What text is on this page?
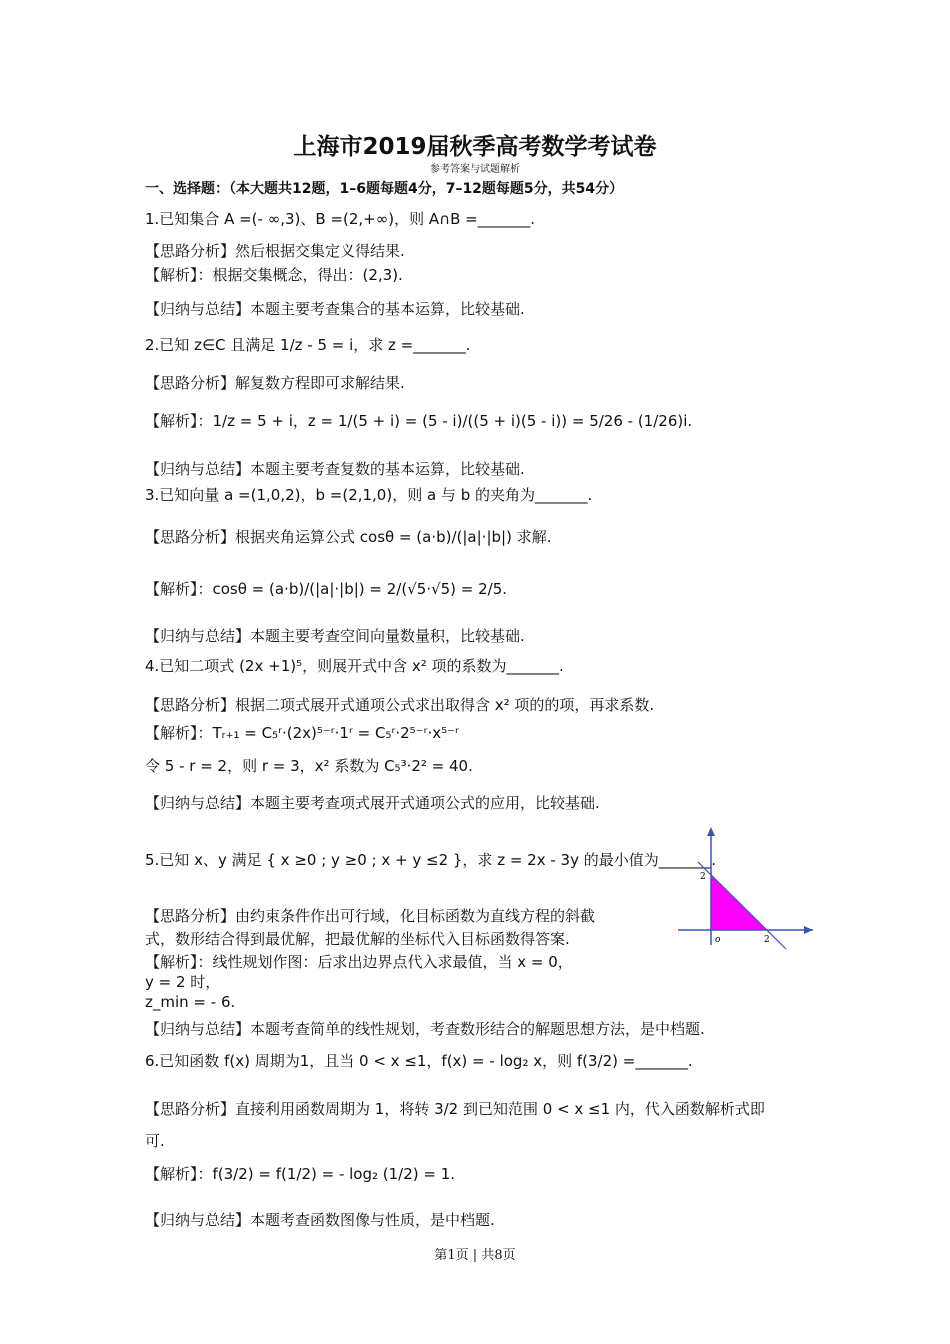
上海市2019届秋季高考数学考试卷
参考答案与试题解析
一、选择题：（本大题共12题，1–6题每题4分，7–12题每题5分，共54分）
1.已知集合 A =(- ∞,3)、B =(2,+∞)，则 A∩B =_______.
【思路分析】然后根据交集定义得结果.
【解析】：根据交集概念，得出：(2,3).
【归纳与总结】本题主要考查集合的基本运算，比较基础.
2.已知 z∈C 且满足 1/z - 5 = i，求 z =_______.
【思路分析】解复数方程即可求解结果.
【解析】：1/z = 5 + i，z = 1/(5 + i) = (5 - i)/((5 + i)(5 - i)) = 5/26 - (1/26)i.
【归纳与总结】本题主要考查复数的基本运算，比较基础.
3.已知向量 a =(1,0,2)，b =(2,1,0)，则 a 与 b 的夹角为_______.
【思路分析】根据夹角运算公式 cosθ = (a·b)/(|a|·|b|) 求解.
【解析】：cosθ = (a·b)/(|a|·|b|) = 2/(√5·√5) = 2/5.
【归纳与总结】本题主要考查空间向量数量积，比较基础.
4.已知二项式 (2x +1)⁵，则展开式中含 x² 项的系数为_______.
【思路分析】根据二项式展开式通项公式求出取得含 x² 项的的项，再求系数.
【解析】：Tᵣ₊₁ = C₅ʳ·(2x)⁵⁻ʳ·1ʳ = C₅ʳ·2⁵⁻ʳ·x⁵⁻ʳ
令 5 - r = 2，则 r = 3，x² 系数为 C₅³·2² = 40.
【归纳与总结】本题主要考查项式展开式通项公式的应用，比较基础.
5.已知 x、y 满足 { x ≥0 ; y ≥0 ; x + y ≤2 }，求 z = 2x - 3y 的最小值为_______.
【思路分析】由约束条件作出可行域，化目标函数为直线方程的斜截
式，数形结合得到最优解，把最优解的坐标代入目标函数得答案.
【解析】：线性规划作图：后求出边界点代入求最值，当 x = 0，
y = 2 时，
z_min = - 6.
【归纳与总结】本题考查简单的线性规划，考查数形结合的解题思想方法，是中档题.
6.已知函数 f(x) 周期为1，且当 0 < x ≤1，f(x) = - log₂ x，则 f(3/2) =_______.
【思路分析】直接利用函数周期为 1，将转 3/2 到已知范围 0 < x ≤1 内，代入函数解析式即
可.
【解析】：f(3/2) = f(1/2) = - log₂ (1/2) = 1.
【归纳与总结】本题考查函数图像与性质，是中档题.
2
o	2
第1页 | 共8页
